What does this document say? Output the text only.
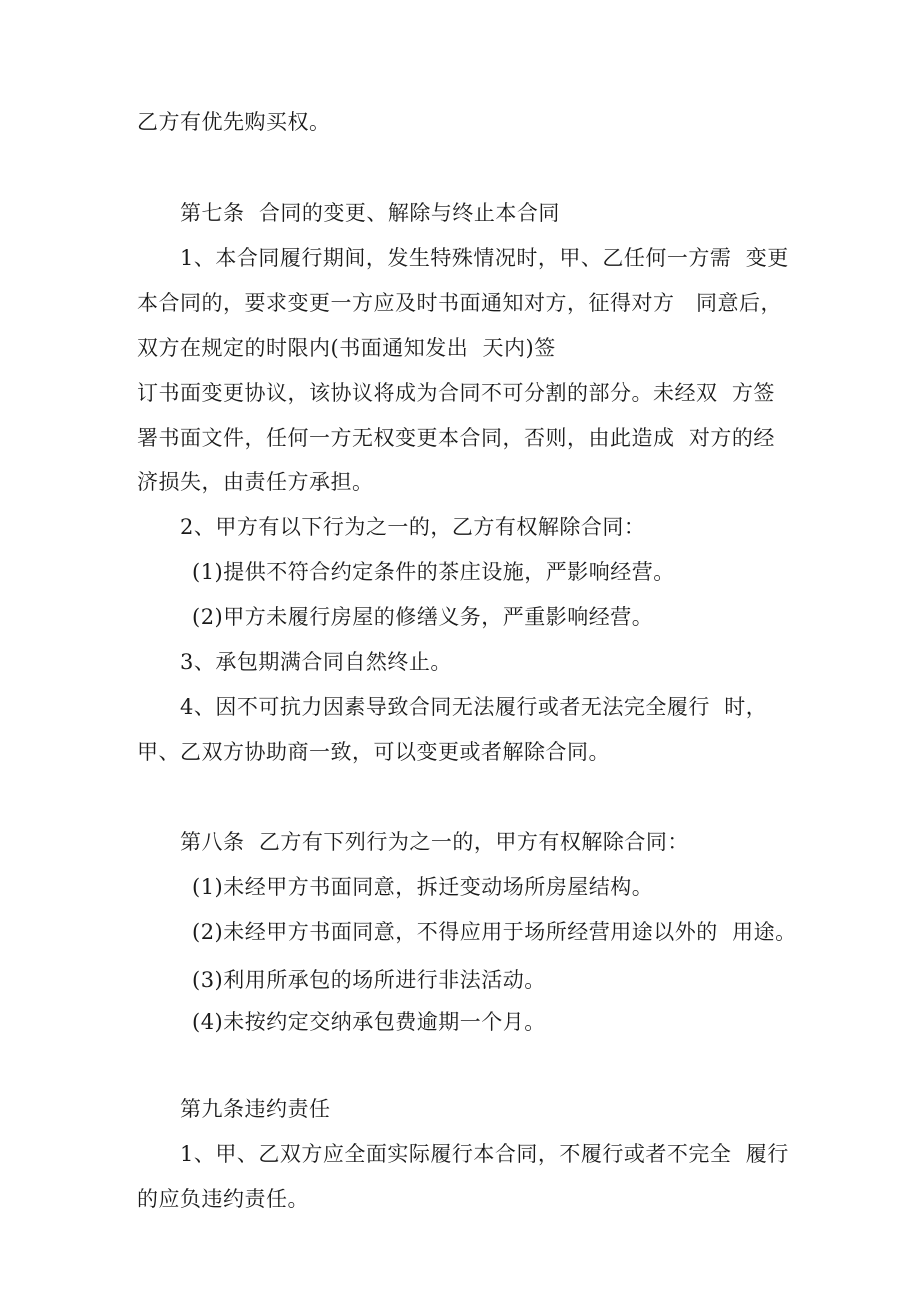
乙方有优先购买权。

第七条  合同的变更、解除与终止本合同

1、本合同履行期间，发生特殊情况时，甲、乙任何一方需  变更

本合同的，要求变更一方应及时书面通知对方，征得对方   同意后，

双方在规定的时限内(书面通知发出  天内)签

订书面变更协议，该协议将成为合同不可分割的部分。未经双  方签

署书面文件，任何一方无权变更本合同，否则，由此造成  对方的经

济损失，由责任方承担。

2、甲方有以下行为之一的，乙方有权解除合同：

(1)提供不符合约定条件的茶庄设施，严影响经营。

(2)甲方未履行房屋的修缮义务，严重影响经营。

3、承包期满合同自然终止。

4、因不可抗力因素导致合同无法履行或者无法完全履行  时，

甲、乙双方协助商一致，可以变更或者解除合同。

第八条  乙方有下列行为之一的，甲方有权解除合同：

(1)未经甲方书面同意，拆迁变动场所房屋结构。

(2)未经甲方书面同意，不得应用于场所经营用途以外的  用途。

(3)利用所承包的场所进行非法活动。

(4)未按约定交纳承包费逾期一个月。

第九条违约责任

1、甲、乙双方应全面实际履行本合同，不履行或者不完全  履行

的应负违约责任。
